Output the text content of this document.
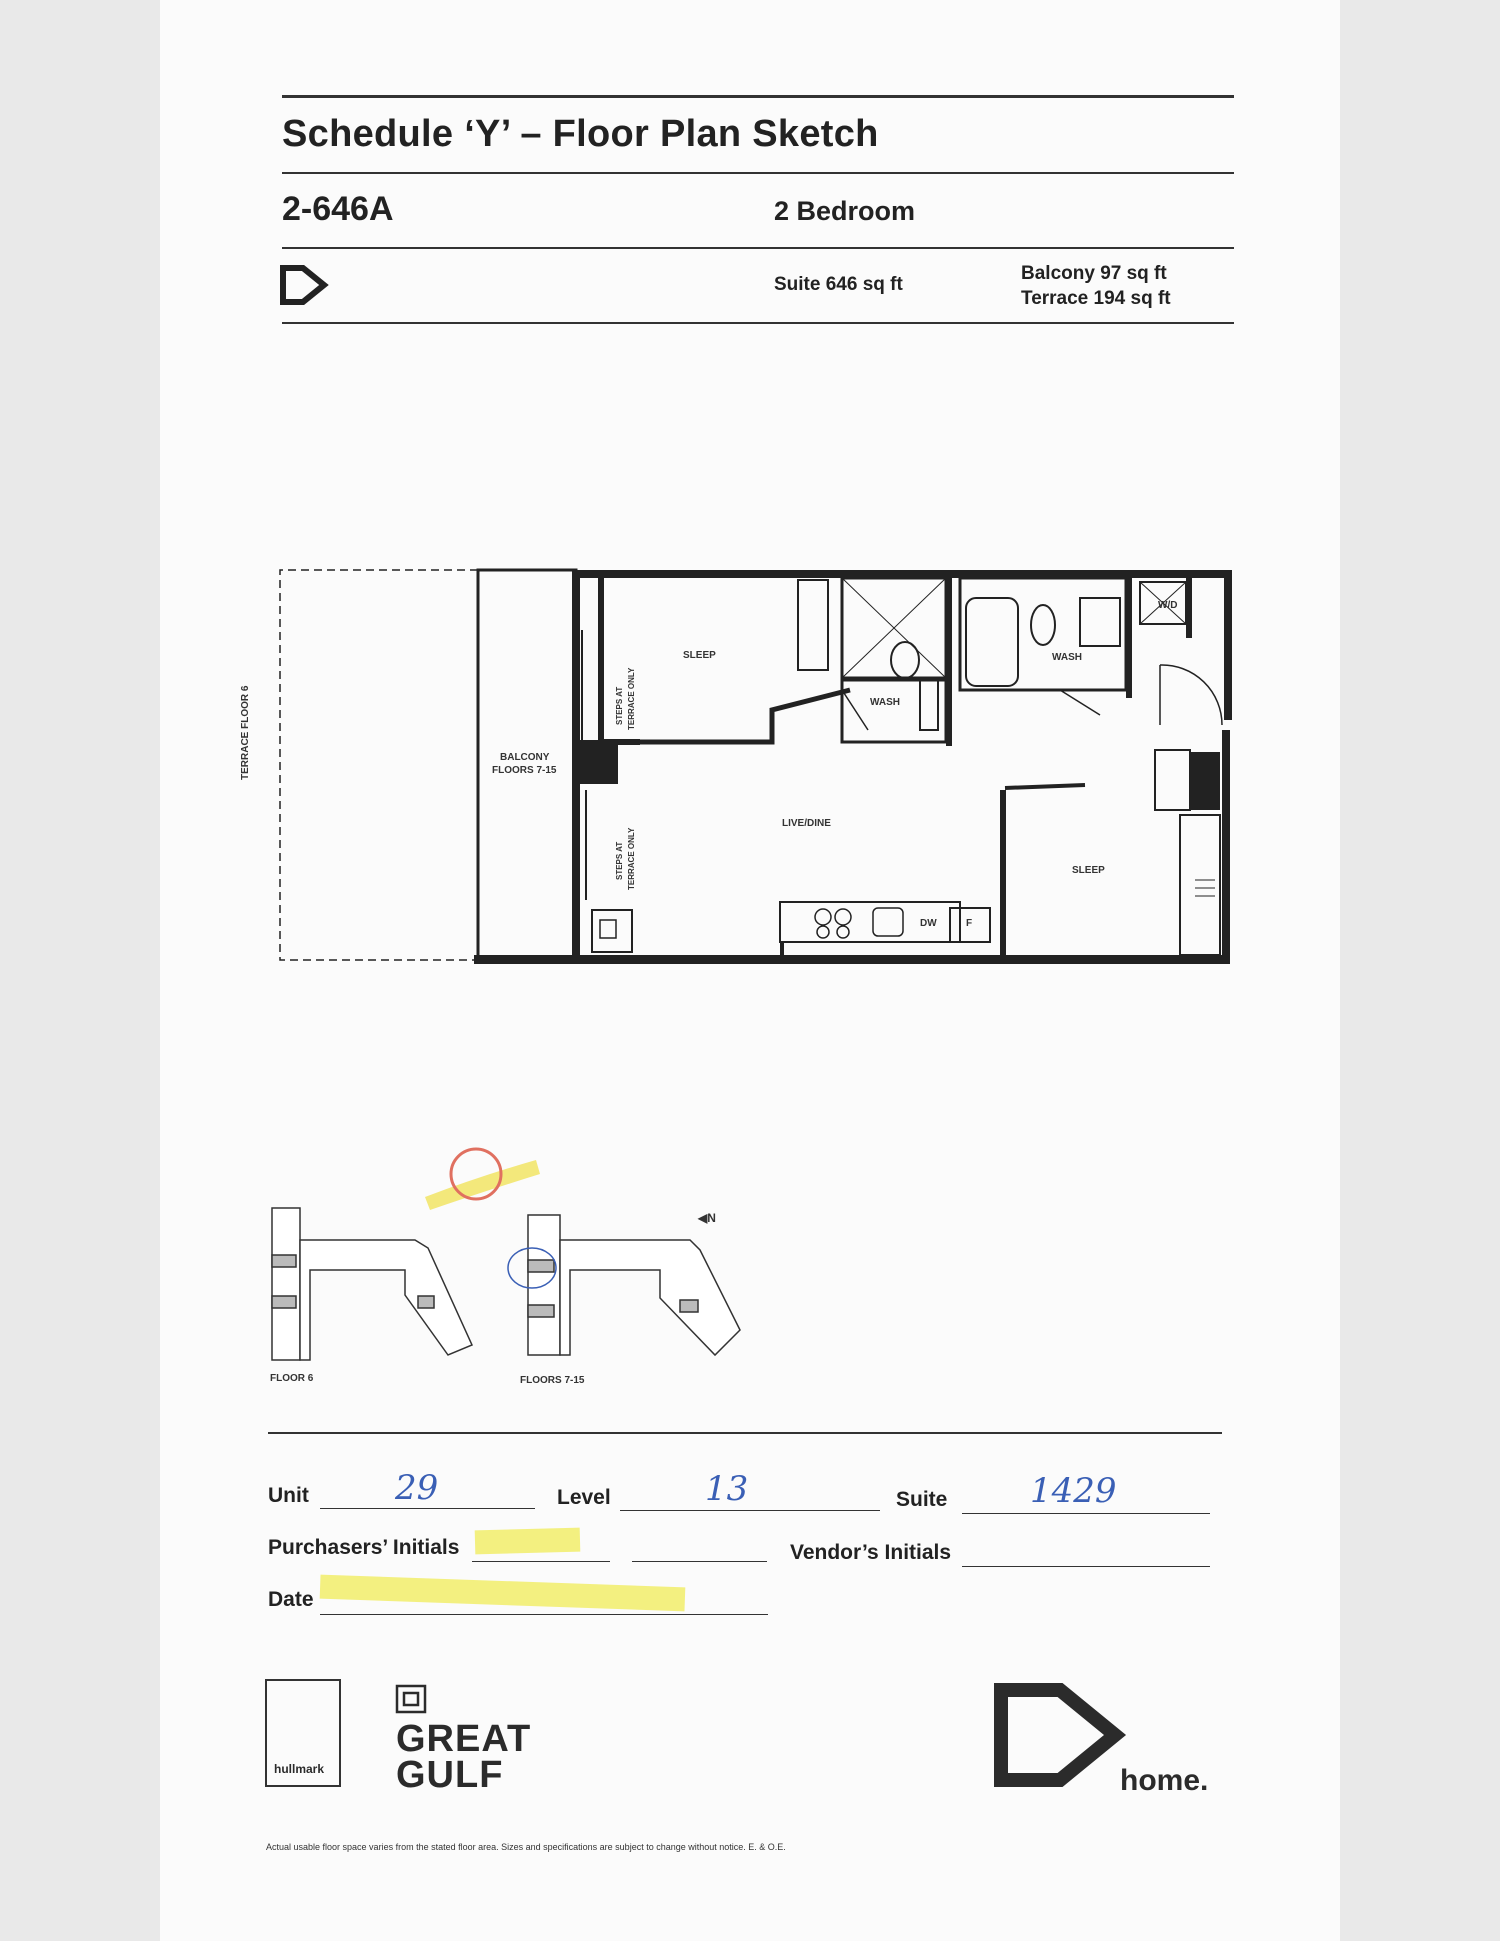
Schedule ‘Y’ – Floor Plan Sketch
2-646A	2 Bedroom
Suite 646 sq ft
Balcony 97 sq ft
Terrace 194 sq ft
TERRACE FLOOR 6	BALCONY
FLOORS 7-15
STEPS AT TERRACE ONLY
STEPS AT TERRACE ONLY
SLEEP
WASH
WASH
W/D
LIVE/DINE
SLEEP
DW	F
◀N
FLOOR 6	FLOORS 7-15
Unit	29	Level	13	Suite 1429
Purchasers’ Initials	Vendor’s Initials
Date
hullmark
GREAT
GULF	home.
Actual usable floor space varies from the stated floor area. Sizes and specifications are subject to change without notice. E. & O.E.
